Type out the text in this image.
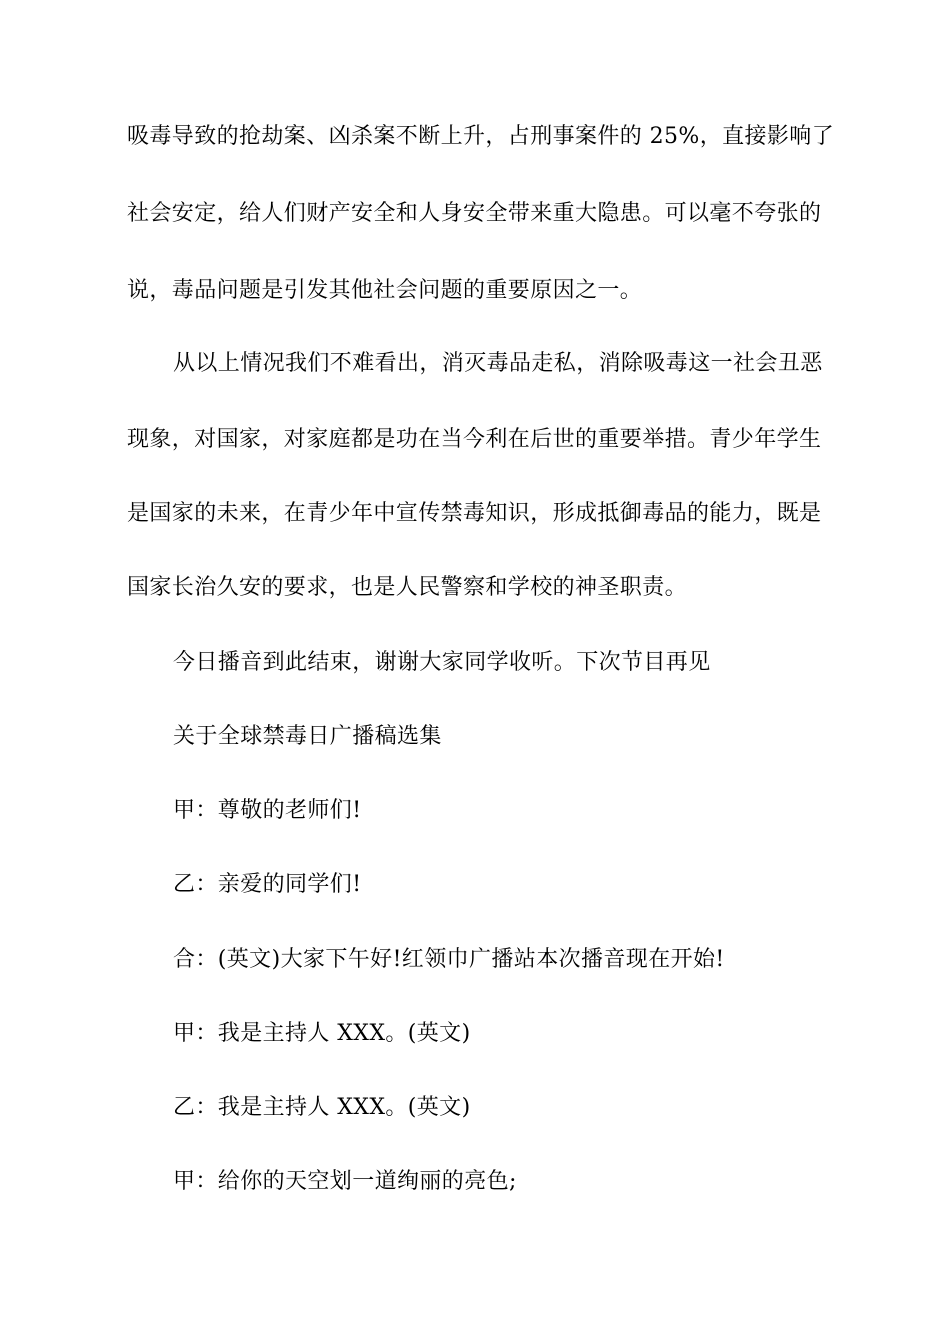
吸毒导致的抢劫案、凶杀案不断上升，占刑事案件的 25%，直接影响了
社会安定，给人们财产安全和人身安全带来重大隐患。可以毫不夸张的
说，毒品问题是引发其他社会问题的重要原因之一。
从以上情况我们不难看出，消灭毒品走私，消除吸毒这一社会丑恶
现象，对国家，对家庭都是功在当今利在后世的重要举措。青少年学生
是国家的未来，在青少年中宣传禁毒知识，形成抵御毒品的能力，既是
国家长治久安的要求，也是人民警察和学校的神圣职责。
今日播音到此结束，谢谢大家同学收听。下次节目再见
关于全球禁毒日广播稿选集
甲：尊敬的老师们!
乙：亲爱的同学们!
合：(英文)大家下午好!红领巾广播站本次播音现在开始!
甲：我是主持人 XXX。(英文)
乙：我是主持人 XXX。(英文)
甲：给你的天空划一道绚丽的亮色;
